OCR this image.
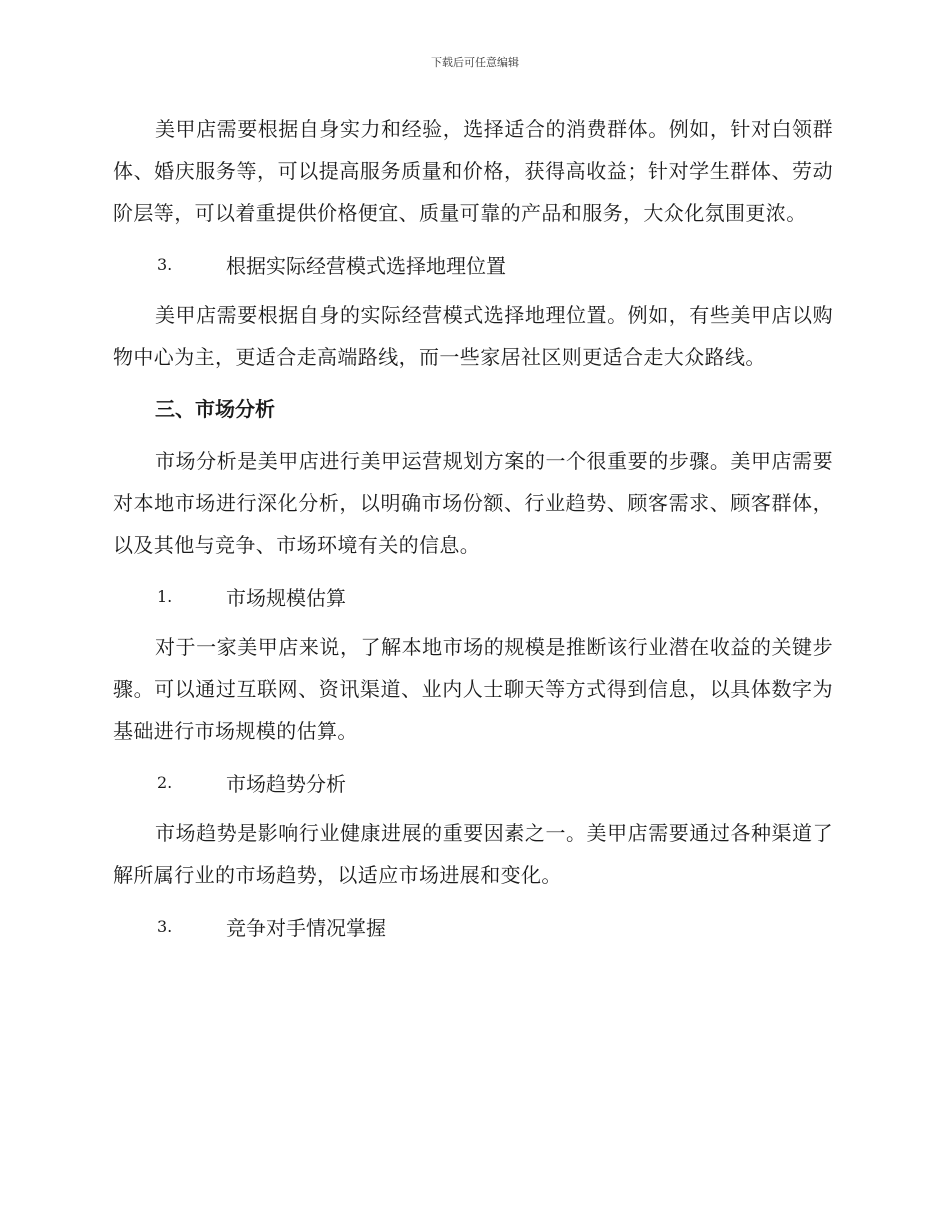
下载后可任意编辑

美甲店需要根据自身实力和经验，选择适合的消费群体。例如，针对白领群体、婚庆服务等，可以提高服务质量和价格，获得高收益；针对学生群体、劳动阶层等，可以着重提供价格便宜、质量可靠的产品和服务，大众化氛围更浓。

3.	根据实际经营模式选择地理位置

美甲店需要根据自身的实际经营模式选择地理位置。例如，有些美甲店以购物中心为主，更适合走高端路线，而一些家居社区则更适合走大众路线。

三、市场分析

市场分析是美甲店进行美甲运营规划方案的一个很重要的步骤。美甲店需要对本地市场进行深化分析，以明确市场份额、行业趋势、顾客需求、顾客群体，以及其他与竞争、市场环境有关的信息。

1.	市场规模估算

对于一家美甲店来说，了解本地市场的规模是推断该行业潜在收益的关键步骤。可以通过互联网、资讯渠道、业内人士聊天等方式得到信息，以具体数字为基础进行市场规模的估算。

2.	市场趋势分析

市场趋势是影响行业健康进展的重要因素之一。美甲店需要通过各种渠道了解所属行业的市场趋势，以适应市场进展和变化。

3.	竞争对手情况掌握
